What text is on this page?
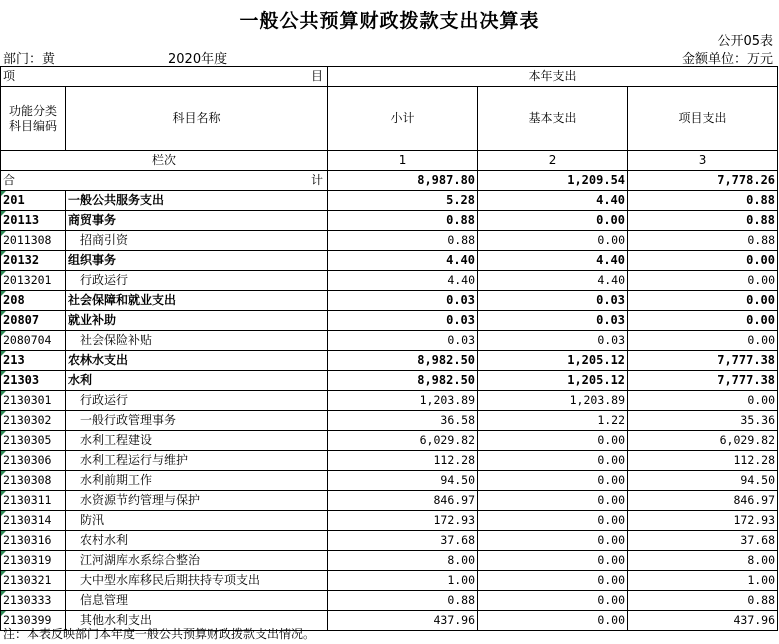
一般公共预算财政拨款支出决算表
公开05表
部门：黄	2020年度	金额单位：万元
项 目		本年支出		
功能分类
科目编码	科目名称	小计	基本支出	项目支出
栏次		1	2	3
合 计		8,987.80	1,209.54	7,778.26

201	一般公共服务支出	5.28	4.40	0.88

20113	商贸事务	0.88	0.00	0.88

2011308	招商引资	0.88	0.00	0.88

20132	组织事务	4.40	4.40	0.00

2013201	行政运行	4.40	4.40	0.00

208	社会保障和就业支出	0.03	0.03	0.00

20807	就业补助	0.03	0.03	0.00

2080704	社会保险补贴	0.03	0.03	0.00

213	农林水支出	8,982.50	1,205.12	7,777.38

21303	水利	8,982.50	1,205.12	7,777.38

2130301	行政运行	1,203.89	1,203.89	0.00

2130302	一般行政管理事务	36.58	1.22	35.36

2130305	水利工程建设	6,029.82	0.00	6,029.82

2130306	水利工程运行与维护	112.28	0.00	112.28

2130308	水利前期工作	94.50	0.00	94.50

2130311	水资源节约管理与保护	846.97	0.00	846.97

2130314	防汛	172.93	0.00	172.93

2130316	农村水利	37.68	0.00	37.68

2130319	江河湖库水系综合整治	8.00	0.00	8.00

2130321	大中型水库移民后期扶持专项支出	1.00	0.00	1.00

2130333	信息管理	0.88	0.00	0.88

2130399	其他水利支出	437.96	0.00	437.96
注：本表反映部门本年度一般公共预算财政拨款支出情况。
